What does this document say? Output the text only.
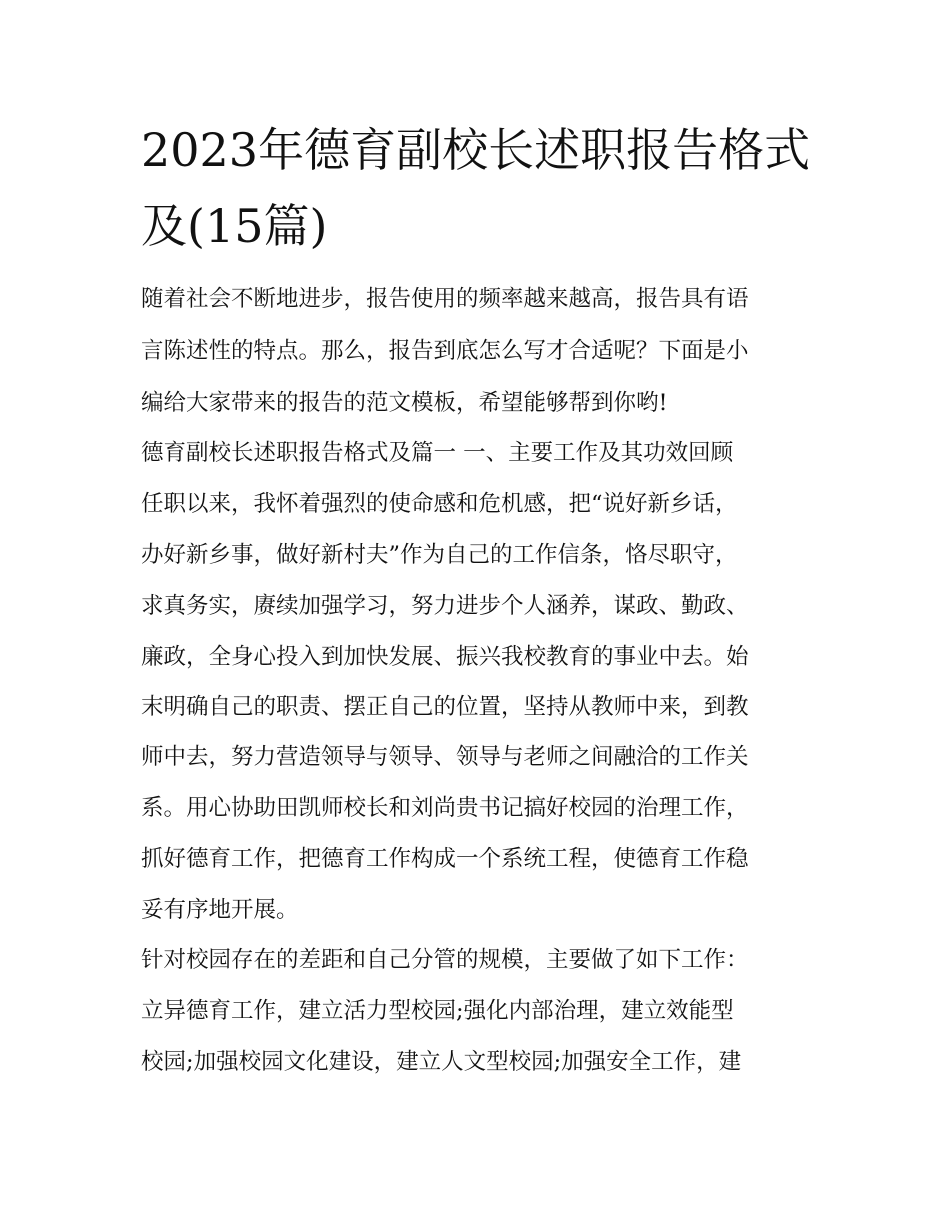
2023年德育副校长述职报告格式
及(15篇)
随着社会不断地进步，报告使用的频率越来越高，报告具有语
言陈述性的特点。那么，报告到底怎么写才合适呢？下面是小
编给大家带来的报告的范文模板，希望能够帮到你哟!
德育副校长述职报告格式及篇一 一、主要工作及其功效回顾
任职以来，我怀着强烈的使命感和危机感，把“说好新乡话，
办好新乡事，做好新村夫”作为自己的工作信条，恪尽职守，
求真务实，赓续加强学习，努力进步个人涵养，谋政、勤政、
廉政，全身心投入到加快发展、振兴我校教育的事业中去。始
末明确自己的职责、摆正自己的位置，坚持从教师中来，到教
师中去，努力营造领导与领导、领导与老师之间融洽的工作关
系。用心协助田凯师校长和刘尚贵书记搞好校园的治理工作，
抓好德育工作，把德育工作构成一个系统工程，使德育工作稳
妥有序地开展。
针对校园存在的差距和自己分管的规模，主要做了如下工作：
立异德育工作，建立活力型校园;强化内部治理，建立效能型
校园;加强校园文化建设，建立人文型校园;加强安全工作，建
